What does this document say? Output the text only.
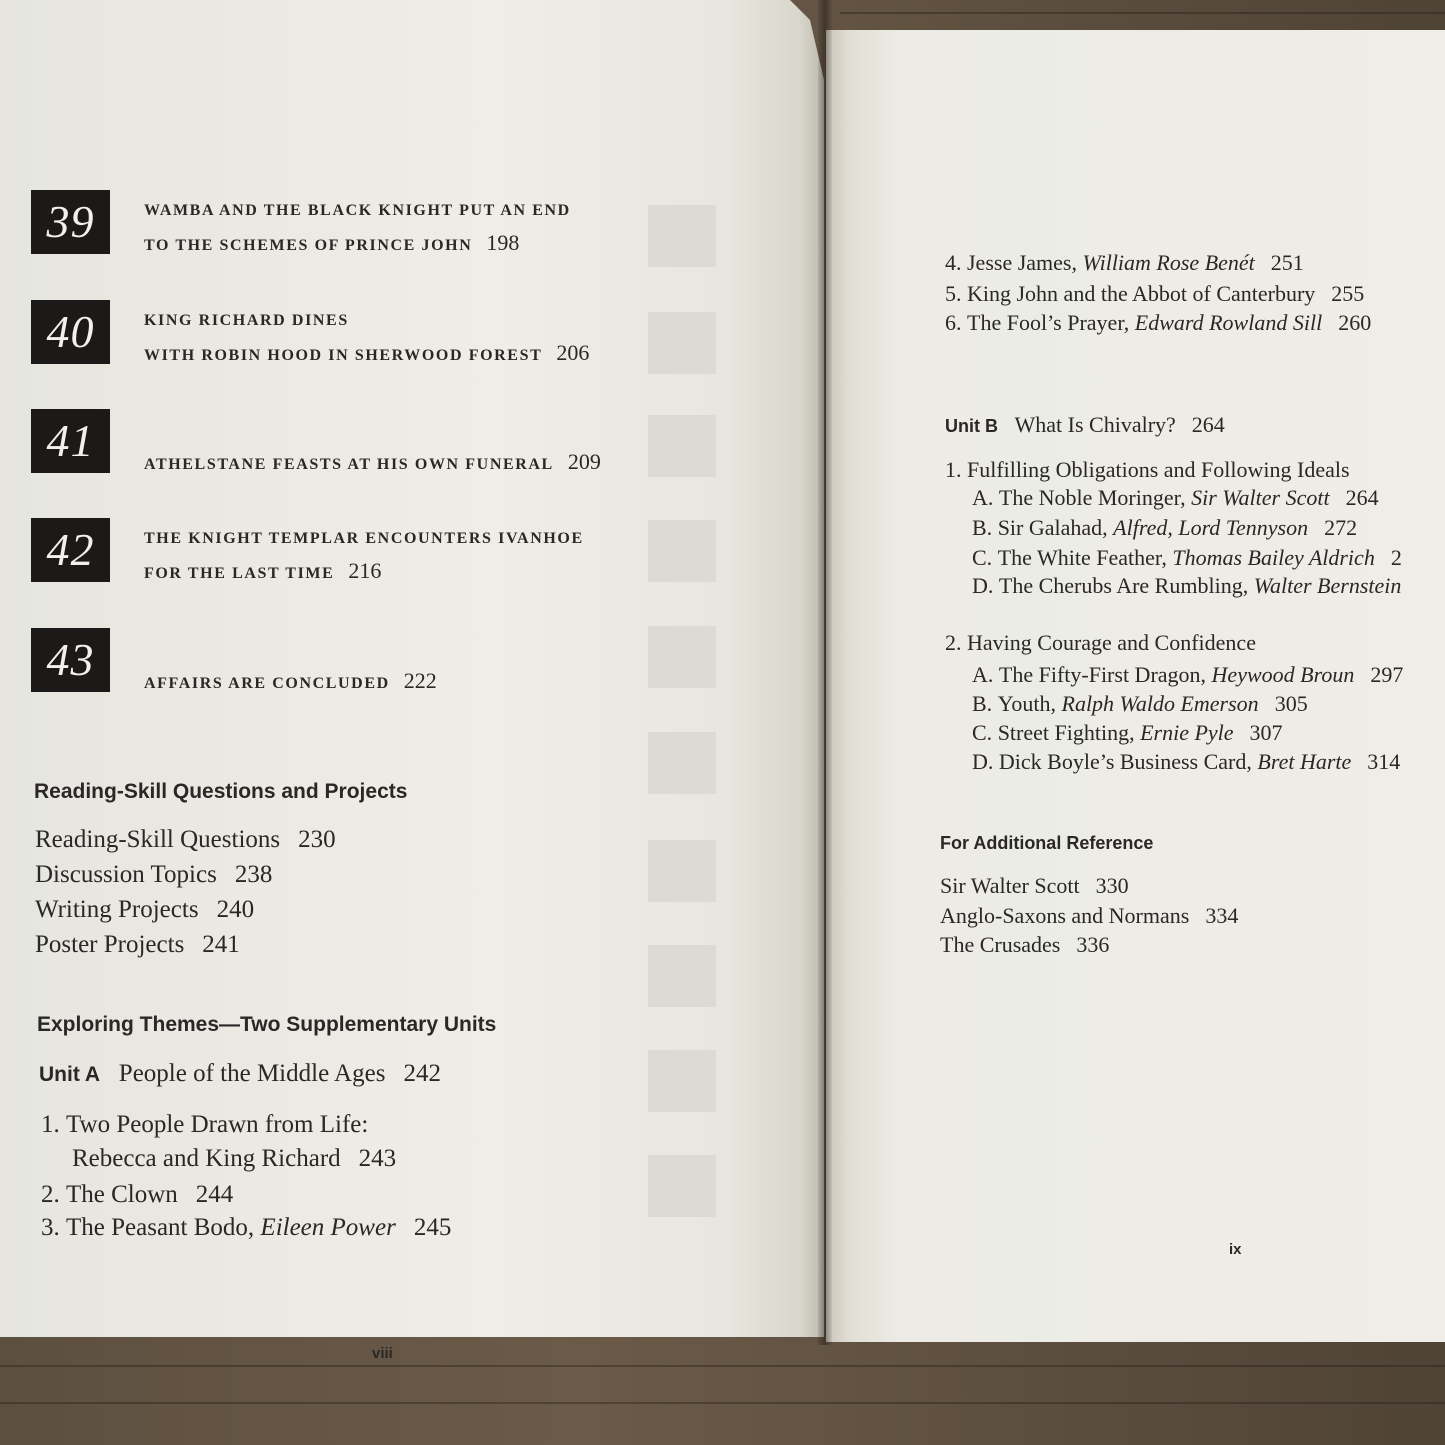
39	WAMBA AND THE BLACK KNIGHT PUT AN END
TO THE SCHEMES OF PRINCE JOHN 198
40	KING RICHARD DINES
WITH ROBIN HOOD IN SHERWOOD FOREST 206
41	ATHELSTANE FEASTS AT HIS OWN FUNERAL 209
42	THE KNIGHT TEMPLAR ENCOUNTERS IVANHOE
FOR THE LAST TIME 216
43	AFFAIRS ARE CONCLUDED 222
Reading-Skill Questions and Projects
Reading-Skill Questions 230
Discussion Topics 238
Writing Projects 240
Poster Projects 241
Exploring Themes—Two Supplementary Units
Unit A People of the Middle Ages 242
1. Two People Drawn from Life:
Rebecca and King Richard 243
2. The Clown 244
3. The Peasant Bodo, Eileen Power 245
viii
4. Jesse James, William Rose Benét 251
5. King John and the Abbot of Canterbury 255
6. The Fool’s Prayer, Edward Rowland Sill 260
Unit B What Is Chivalry? 264
1. Fulfilling Obligations and Following Ideals
A. The Noble Moringer, Sir Walter Scott 264
B. Sir Galahad, Alfred, Lord Tennyson 272
C. The White Feather, Thomas Bailey Aldrich 2
D. The Cherubs Are Rumbling, Walter Bernstein
2. Having Courage and Confidence
A. The Fifty-First Dragon, Heywood Broun 297
B. Youth, Ralph Waldo Emerson 305
C. Street Fighting, Ernie Pyle 307
D. Dick Boyle’s Business Card, Bret Harte 314
For Additional Reference
Sir Walter Scott 330
Anglo-Saxons and Normans 334
The Crusades 336
ix
